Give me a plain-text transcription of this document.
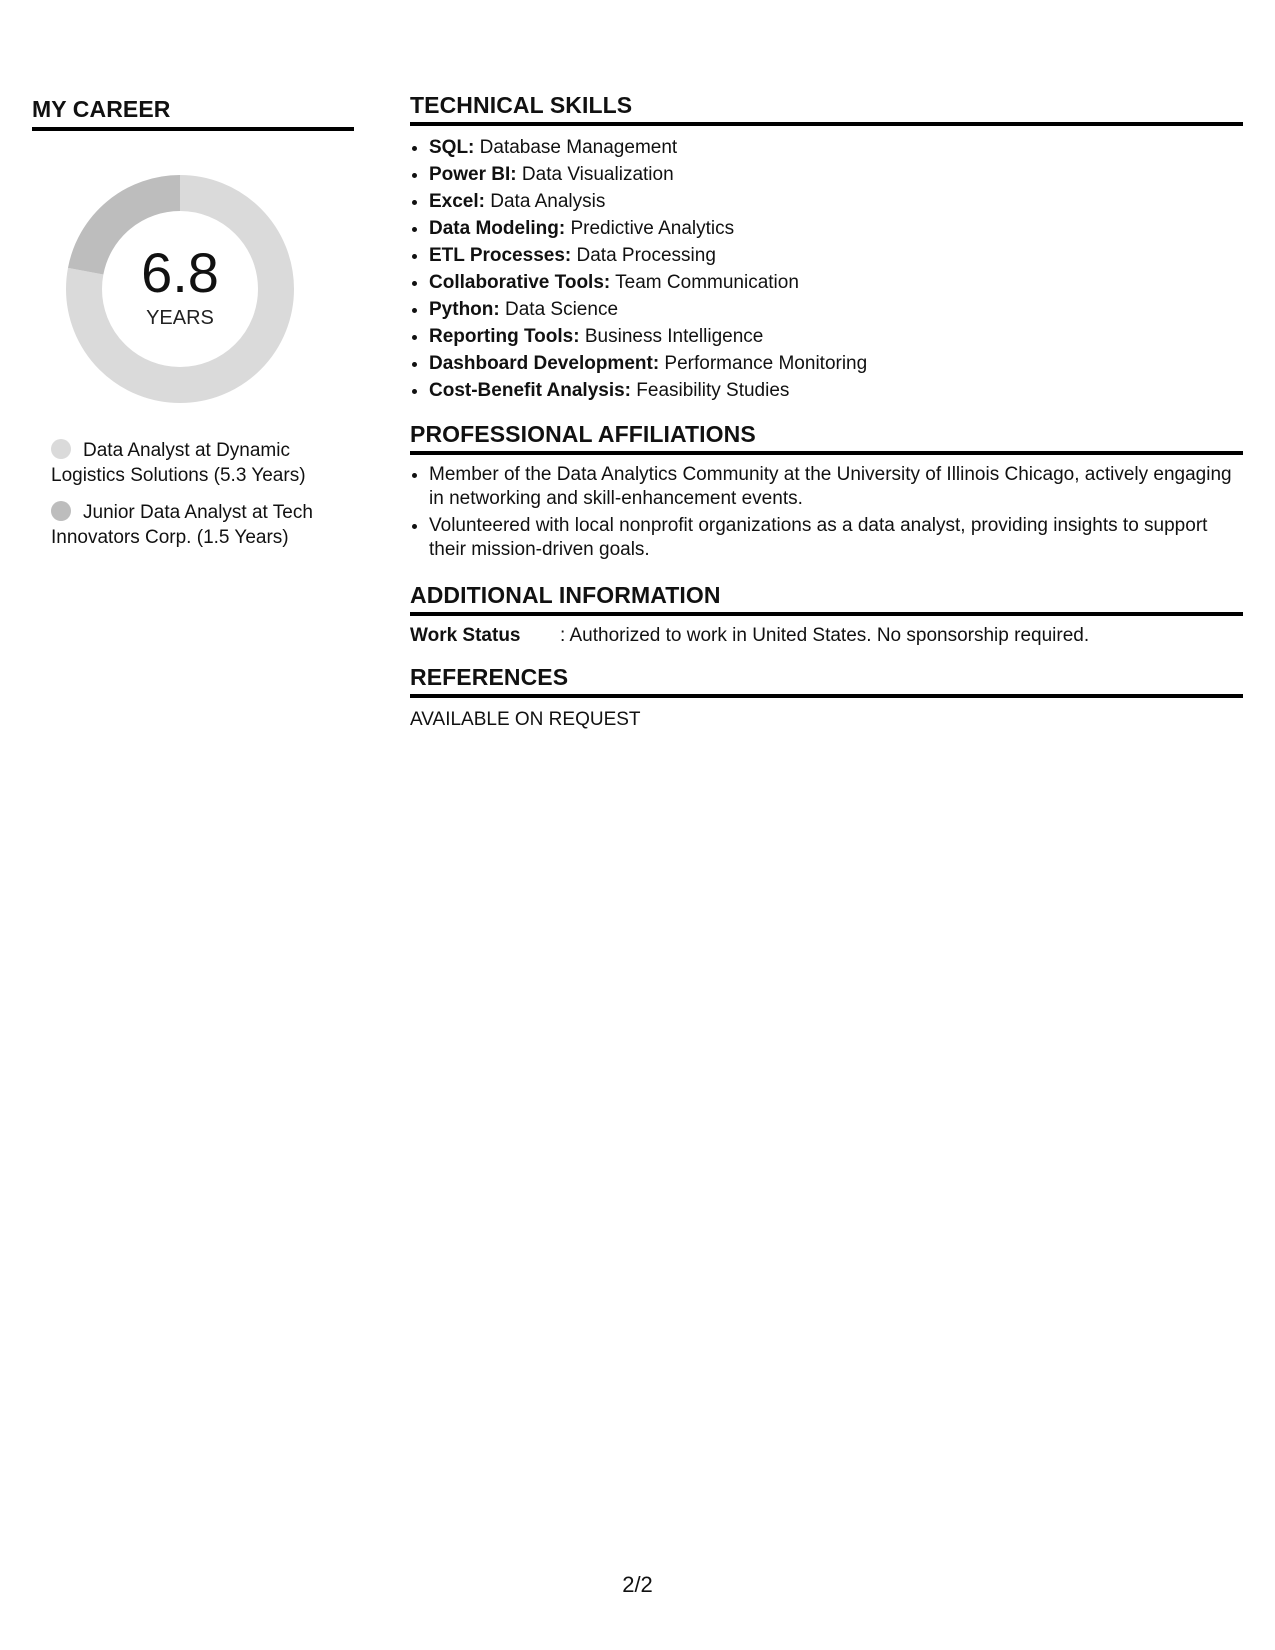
MY CAREER
6.8
YEARS
Data Analyst at Dynamic Logistics Solutions (5.3 Years)
Junior Data Analyst at Tech Innovators Corp. (1.5 Years)
TECHNICAL SKILLS
• SQL: Database Management
• Power BI: Data Visualization
• Excel: Data Analysis
• Data Modeling: Predictive Analytics
• ETL Processes: Data Processing
• Collaborative Tools: Team Communication
• Python: Data Science
• Reporting Tools: Business Intelligence
• Dashboard Development: Performance Monitoring
• Cost-Benefit Analysis: Feasibility Studies
PROFESSIONAL AFFILIATIONS
• Member of the Data Analytics Community at the University of Illinois Chicago, actively engaging in networking and skill-enhancement events.
• Volunteered with local nonprofit organizations as a data analyst, providing insights to support their mission-driven goals.
ADDITIONAL INFORMATION
Work Status	: Authorized to work in United States. No sponsorship required.
REFERENCES
AVAILABLE ON REQUEST
2/2
